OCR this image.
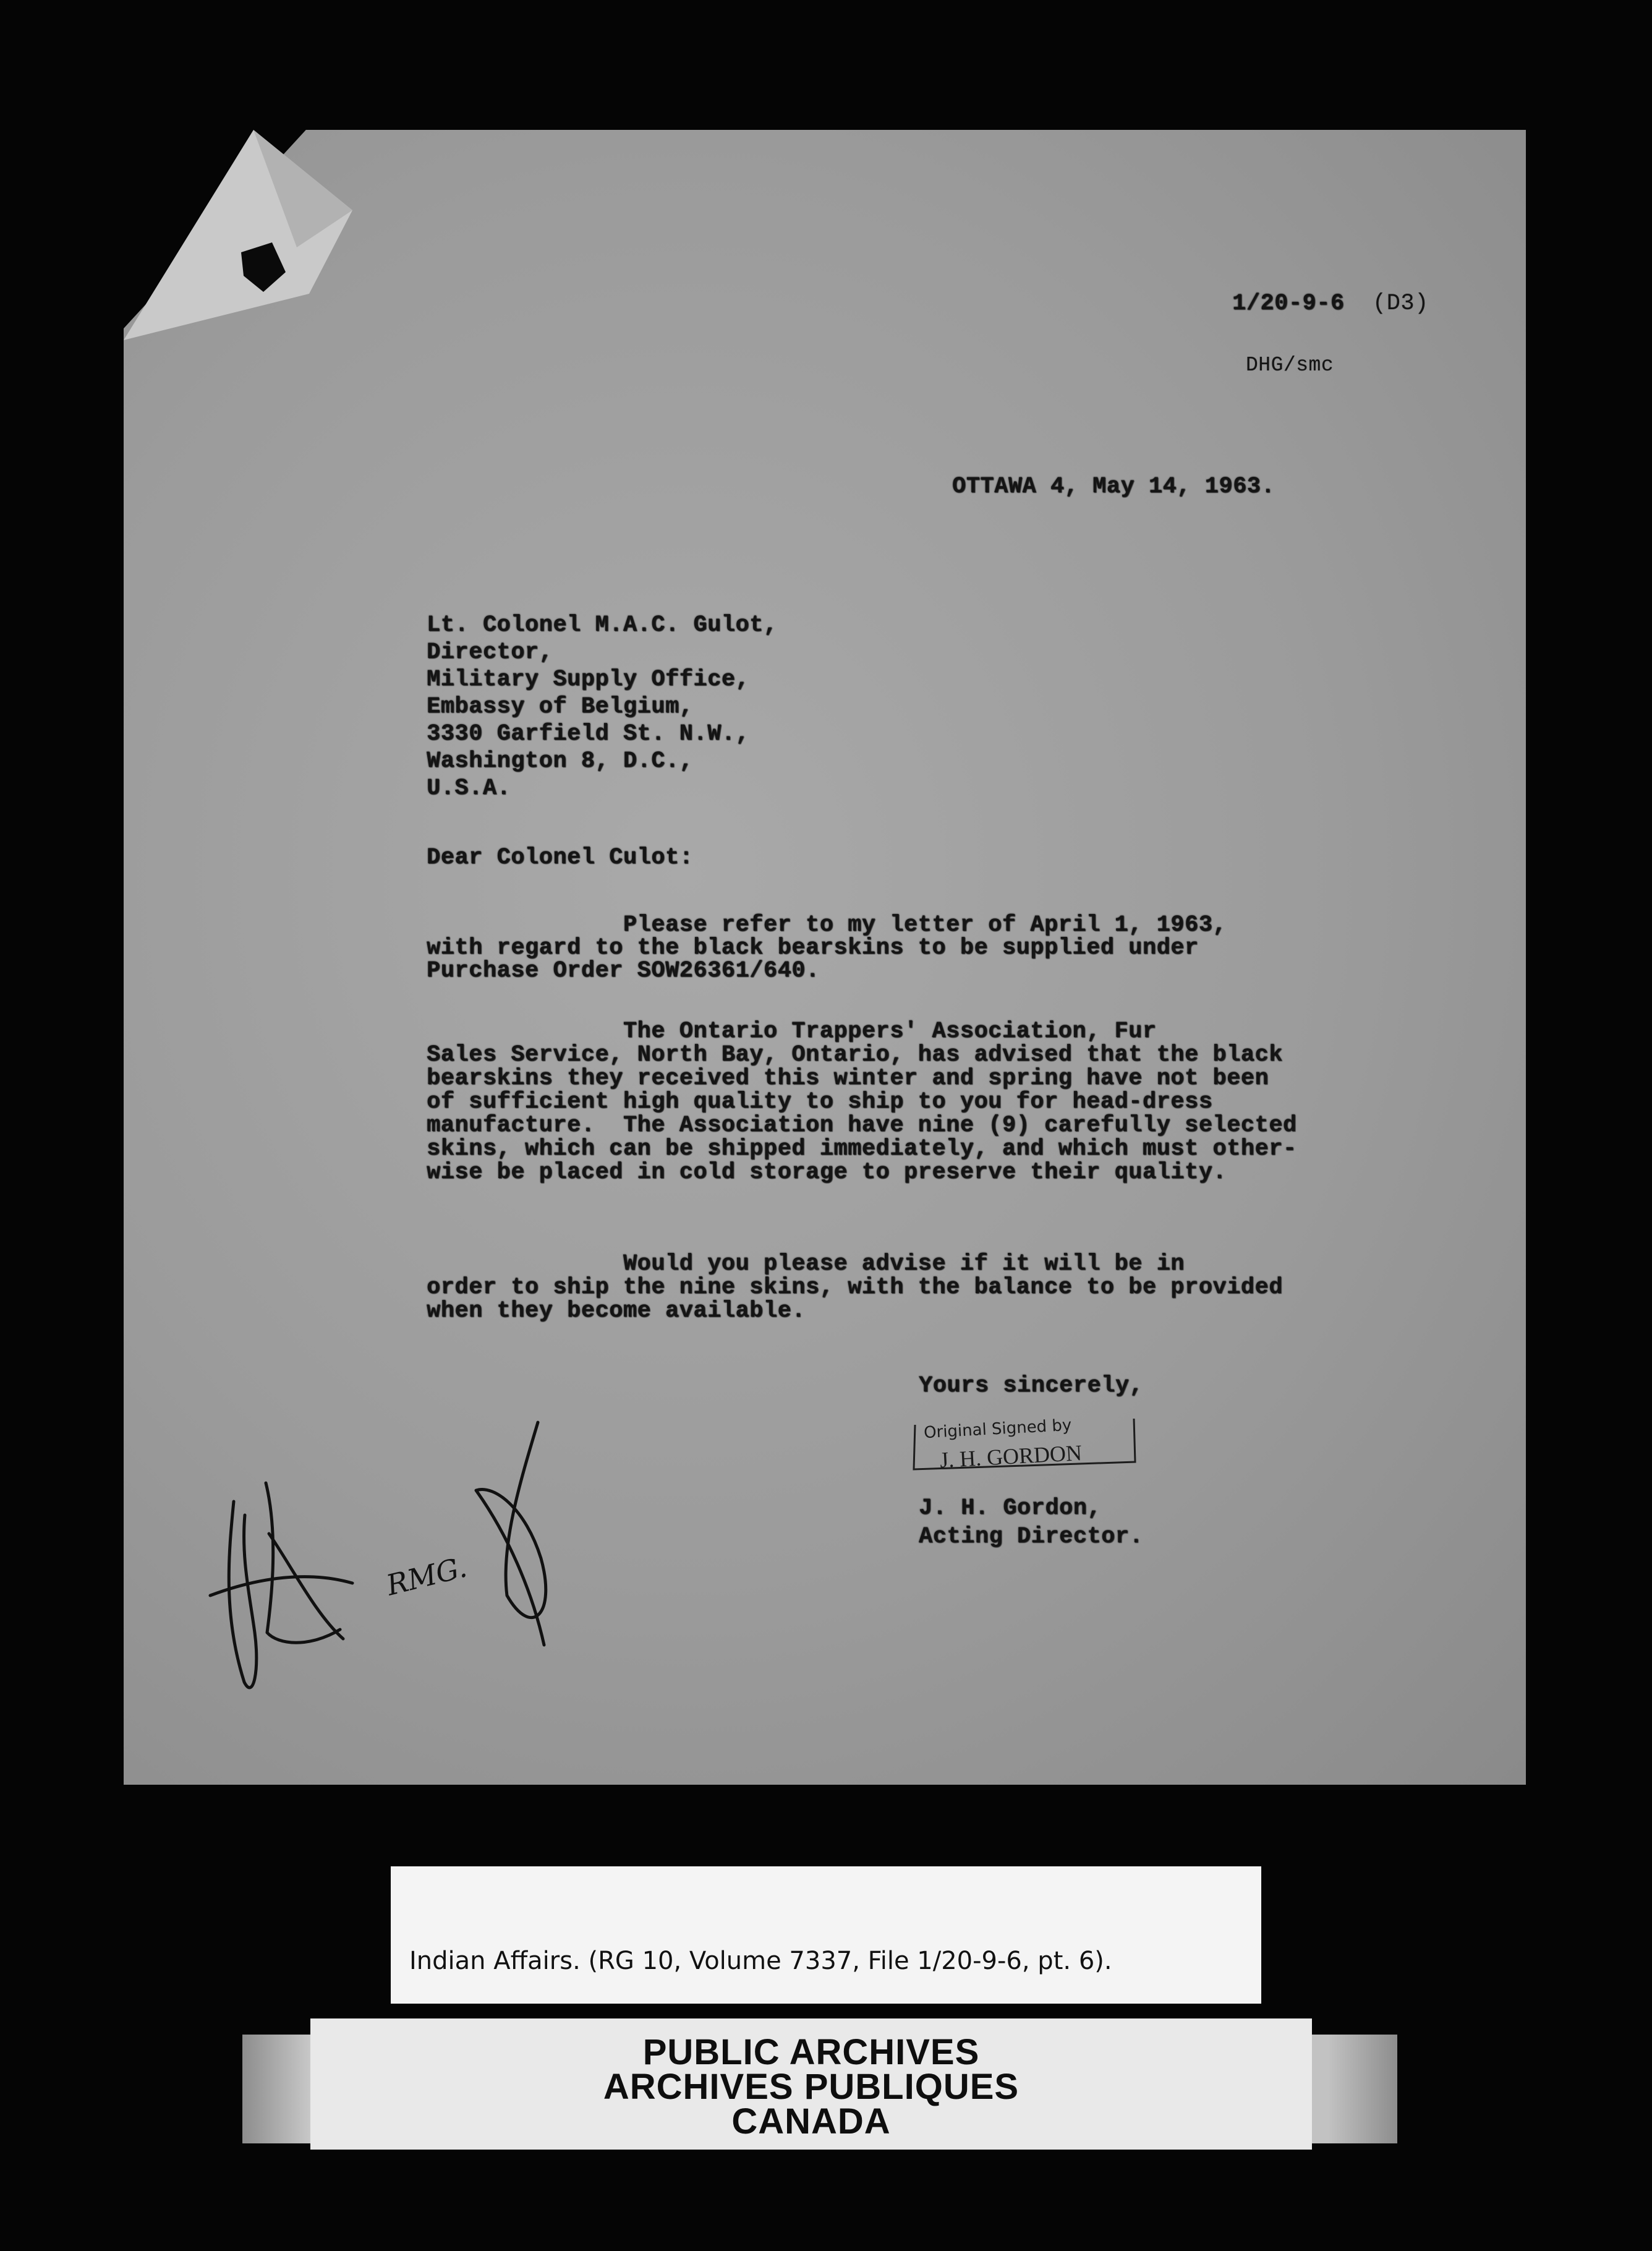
1/20-9-6 (D3)

DHG/smc

OTTAWA 4, May 14, 1963.

Lt. Colonel M.A.C. Gulot,

Director,

Military Supply Office,

Embassy of Belgium,

3330 Garfield St. N.W.,

Washington 8, D.C.,

U.S.A.

Dear Colonel Culot:

Please refer to my letter of April 1, 1963,

with regard to the black bearskins to be supplied under

Purchase Order SOW26361/640.

The Ontario Trappers' Association, Fur

Sales Service, North Bay, Ontario, has advised that the black

bearskins they received this winter and spring have not been

of sufficient high quality to ship to you for head-dress

manufacture.  The Association have nine (9) carefully selected

skins, which can be shipped immediately, and which must other-

wise be placed in cold storage to preserve their quality.

Would you please advise if it will be in

order to ship the nine skins, with the balance to be provided

when they become available.

Yours sincerely,

Original Signed by

J. H. GORDON

J. H. Gordon,

Acting Director.

RMG.

Indian Affairs. (RG 10, Volume 7337, File 1/20-9-6, pt. 6).

PUBLIC ARCHIVES

ARCHIVES PUBLIQUES

CANADA
